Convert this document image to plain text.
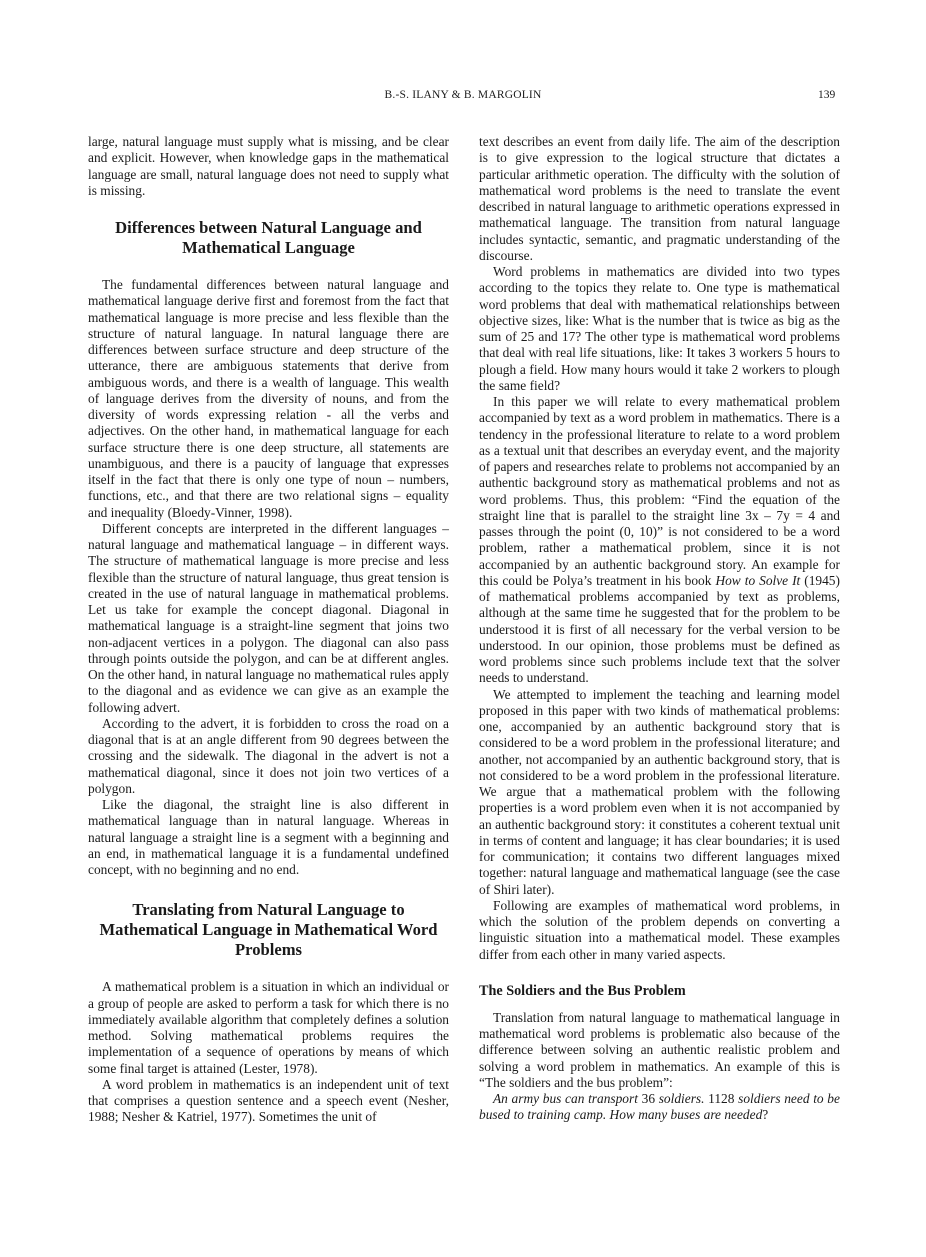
B.-S. ILANY & B. MARGOLIN	139

large, natural language must supply what is missing, and be clear and explicit. However, when knowledge gaps in the mathematical language are small, natural language does not need to supply what is missing.

Differences between Natural Language and Mathematical Language

The fundamental differences between natural language and mathematical language derive first and foremost from the fact that mathematical language is more precise and less flexible than the structure of natural language. In natural language there are differences between surface structure and deep structure of the utterance, there are ambiguous statements that derive from ambiguous words, and there is a wealth of language. This wealth of language derives from the diversity of nouns, and from the diversity of words expressing relation - all the verbs and adjectives. On the other hand, in mathematical language for each surface structure there is one deep structure, all statements are unambiguous, and there is a paucity of language that expresses itself in the fact that there is only one type of noun – numbers, functions, etc., and that there are two relational signs – equality and inequality (Bloedy-Vinner, 1998).

Different concepts are interpreted in the different languages – natural language and mathematical language – in different ways. The structure of mathematical language is more precise and less flexible than the structure of natural language, thus great tension is created in the use of natural language in mathematical problems. Let us take for example the concept diagonal. Diagonal in mathematical language is a straight-line segment that joins two non-adjacent vertices in a polygon. The diagonal can also pass through points outside the polygon, and can be at different angles. On the other hand, in natural language no mathematical rules apply to the diagonal and as evidence we can give as an example the following advert.

According to the advert, it is forbidden to cross the road on a diagonal that is at an angle different from 90 degrees between the crossing and the sidewalk. The diagonal in the advert is not a mathematical diagonal, since it does not join two vertices of a polygon.

Like the diagonal, the straight line is also different in mathematical language than in natural language. Whereas in natural language a straight line is a segment with a beginning and an end, in mathematical language it is a fundamental undefined concept, with no beginning and no end.

Translating from Natural Language to Mathematical Language in Mathematical Word Problems

A mathematical problem is a situation in which an individual or a group of people are asked to perform a task for which there is no immediately available algorithm that completely defines a solution method. Solving mathematical problems requires the implementation of a sequence of operations by means of which some final target is attained (Lester, 1978).

A word problem in mathematics is an independent unit of text that comprises a question sentence and a speech event (Nesher, 1988; Nesher & Katriel, 1977). Sometimes the unit of

text describes an event from daily life. The aim of the description is to give expression to the logical structure that dictates a particular arithmetic operation. The difficulty with the solution of mathematical word problems is the need to translate the event described in natural language to arithmetic operations expressed in mathematical language. The transition from natural language includes syntactic, semantic, and pragmatic understanding of the discourse.

Word problems in mathematics are divided into two types according to the topics they relate to. One type is mathematical word problems that deal with mathematical relationships between objective sizes, like: What is the number that is twice as big as the sum of 25 and 17? The other type is mathematical word problems that deal with real life situations, like: It takes 3 workers 5 hours to plough a field. How many hours would it take 2 workers to plough the same field?

In this paper we will relate to every mathematical problem accompanied by text as a word problem in mathematics. There is a tendency in the professional literature to relate to a word problem as a textual unit that describes an everyday event, and the majority of papers and researches relate to problems not accompanied by an authentic background story as mathematical problems and not as word problems. Thus, this problem: “Find the equation of the straight line that is parallel to the straight line 3x – 7y = 4 and passes through the point (0, 10)” is not considered to be a word problem, rather a mathematical problem, since it is not accompanied by an authentic background story. An example for this could be Polya’s treatment in his book How to Solve It (1945) of mathematical problems accompanied by text as problems, although at the same time he suggested that for the problem to be understood it is first of all necessary for the verbal version to be understood. In our opinion, those problems must be defined as word problems since such problems include text that the solver needs to understand.

We attempted to implement the teaching and learning model proposed in this paper with two kinds of mathematical problems: one, accompanied by an authentic background story that is considered to be a word problem in the professional literature; and another, not accompanied by an authentic background story, that is not considered to be a word problem in the professional literature. We argue that a mathematical problem with the following properties is a word problem even when it is not accompanied by an authentic background story: it constitutes a coherent textual unit in terms of content and language; it has clear boundaries; it is used for communication; it contains two different languages mixed together: natural language and mathematical language (see the case of Shiri later).

Following are examples of mathematical word problems, in which the solution of the problem depends on converting a linguistic situation into a mathematical model. These examples differ from each other in many varied aspects.

The Soldiers and the Bus Problem

Translation from natural language to mathematical language in mathematical word problems is problematic also because of the difference between solving an authentic realistic problem and solving a word problem in mathematics. An example of this is “The soldiers and the bus problem”:

An army bus can transport 36 soldiers. 1128 soldiers need to be bused to training camp. How many buses are needed?
